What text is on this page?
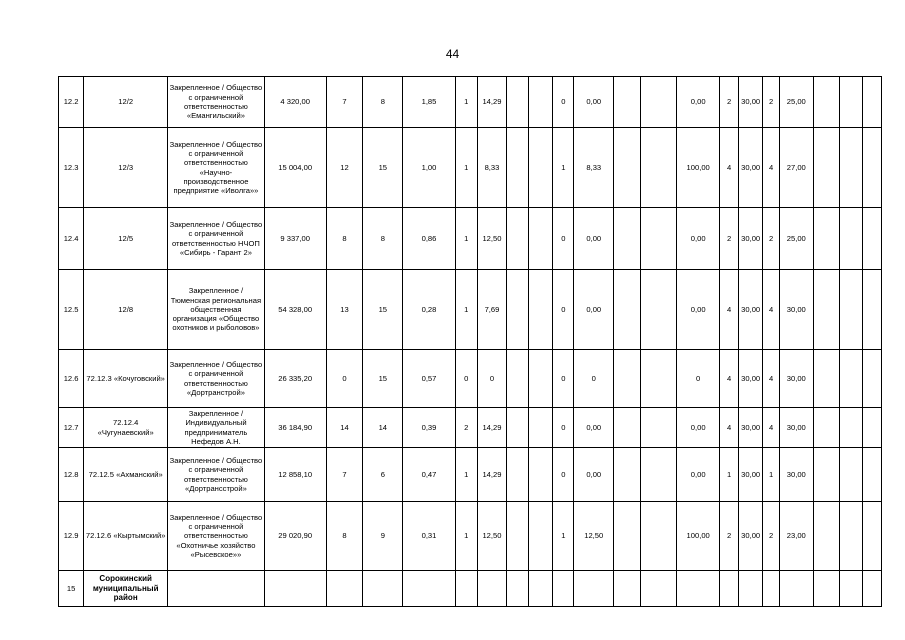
44
12.2	12/2	Закрепленное / Общество с ограниченной ответственностью «Емангильский»	4 320,00	7	8	1,85	1	14,29			0	0,00			0,00	2	30,00	2	25,00			
12.3	12/3	Закрепленное / Общество с ограниченной ответственностью «Научно-производственное предприятие «Иволга»»	15 004,00	12	15	1,00	1	8,33			1	8,33			100,00	4	30,00	4	27,00			
12.4	12/5	Закрепленное / Общество с ограниченной ответственностью НЧОП «Сибирь - Гарант 2»	9 337,00	8	8	0,86	1	12,50			0	0,00			0,00	2	30,00	2	25,00			
12.5	12/8	Закрепленное / Тюменская региональная общественная организация «Общество охотников и рыболовов»	54 328,00	13	15	0,28	1	7,69			0	0,00			0,00	4	30,00	4	30,00			
12.6	72.12.3 «Кочуговский»	Закрепленное / Общество с ограниченной ответственностью «Дортранстрой»	26 335,20	0	15	0,57	0	0			0	0			0	4	30,00	4	30,00			
12.7	72.12.4 «Чугунаевский»	Закрепленное / Индивидуальный предприниматель Нефедов А.Н.	36 184,90	14	14	0,39	2	14,29			0	0,00			0,00	4	30,00	4	30,00			
12.8	72.12.5 «Ахманский»	Закрепленное / Общество с ограниченной ответственностью «Дортрансстрой»	12 858,10	7	6	0,47	1	14,29			0	0,00			0,00	1	30,00	1	30,00			
12.9	72.12.6 «Кыртымский»	Закрепленное / Общество с ограниченной ответственностью «Охотничье хозяйство «Рысевское»»	29 020,90	8	9	0,31	1	12,50			1	12,50			100,00	2	30,00	2	23,00			
15	Сорокинский муниципальный район																					
